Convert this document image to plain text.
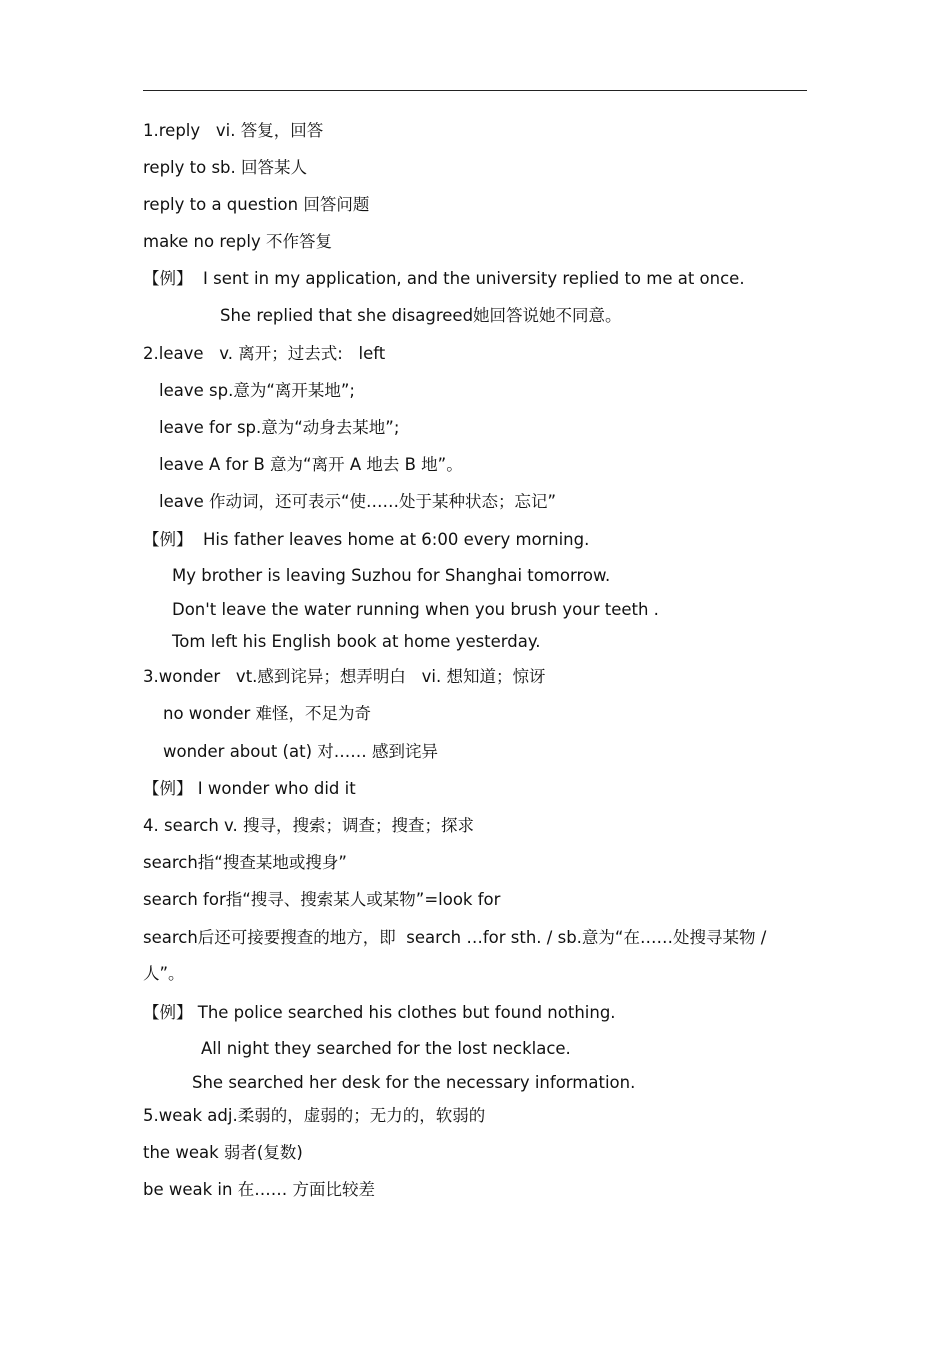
1.reply   vi. 答复，回答
reply to sb. 回答某人
reply to a question 回答问题
make no reply 不作答复
【例】  I sent in my application, and the university replied to me at once.
She replied that she disagreed她回答说她不同意。
2.leave   v. 离开；过去式:   left
leave sp.意为“离开某地”;
leave for sp.意为“动身去某地”;
leave A for B 意为“离开 A 地去 B 地”。
leave 作动词，还可表示“使……处于某种状态；忘记”
【例】  His father leaves home at 6:00 every morning.
My brother is leaving Suzhou for Shanghai tomorrow.
Don't leave the water running when you brush your teeth .
Tom left his English book at home yesterday.
3.wonder   vt.感到诧异；想弄明白   vi. 想知道；惊讶
no wonder 难怪，不足为奇
wonder about (at) 对…… 感到诧异
【例】 I wonder who did it
4. search v. 搜寻，搜索；调查；搜查；探求
search指“搜查某地或搜身”
search for指“搜寻、搜索某人或某物”=look for
search后还可接要搜查的地方，即  search …for sth. / sb.意为“在……处搜寻某物 /
人”。
【例】 The police searched his clothes but found nothing.
All night they searched for the lost necklace.
She searched her desk for the necessary information.
5.weak adj.柔弱的，虚弱的；无力的，软弱的
the weak 弱者(复数)
be weak in 在…… 方面比较差
